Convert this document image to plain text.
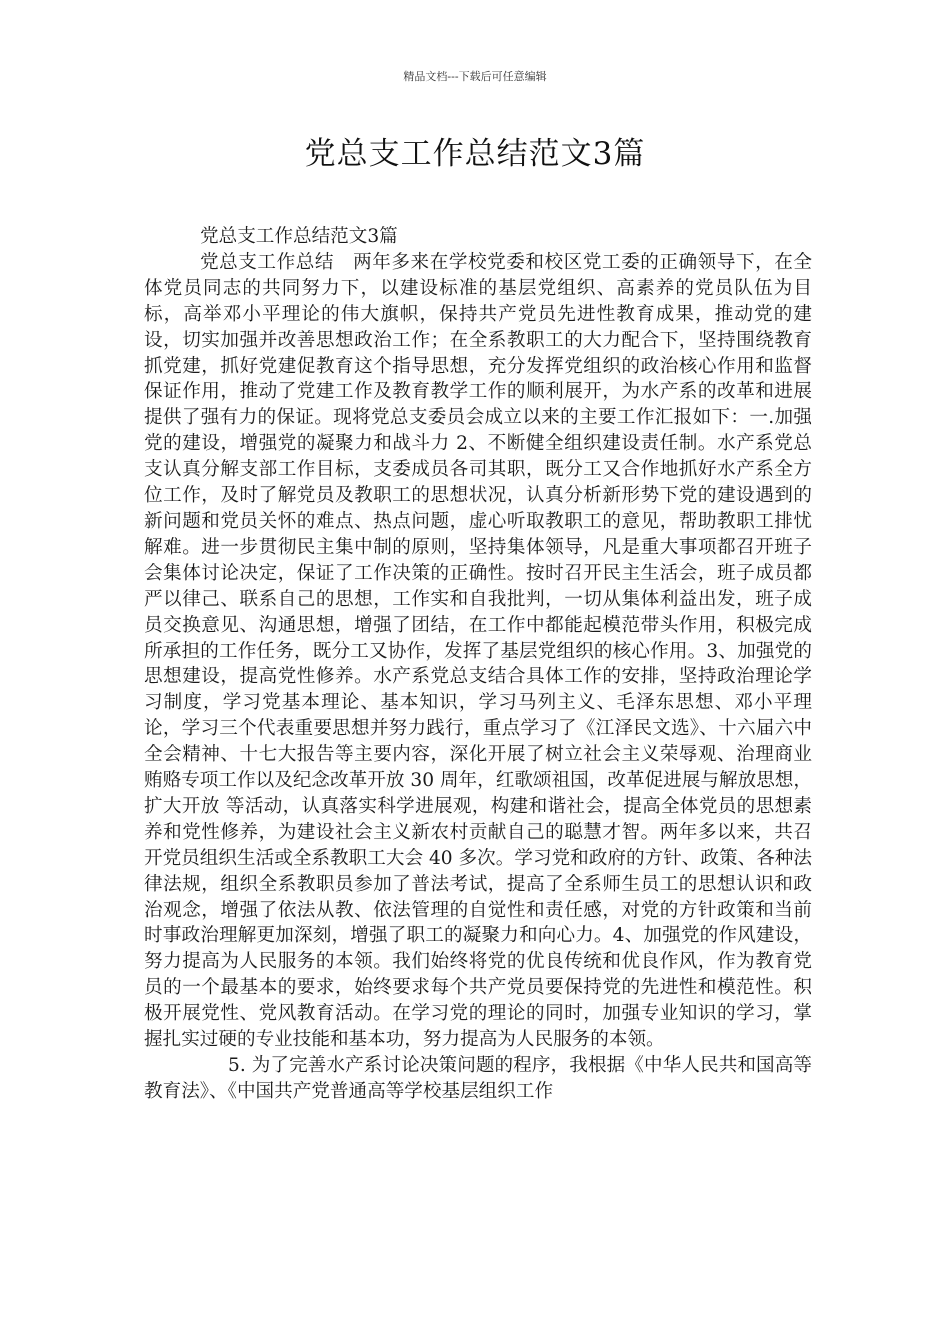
精品文档---下载后可任意编辑
党总支工作总结范文3篇

党总支工作总结范文3篇

党总支工作总结　两年多来在学校党委和校区党工委的正确领导下，在全体党员同志的共同努力下，以建设标准的基层党组织、高素养的党员队伍为目标，高举邓小平理论的伟大旗帜，保持共产党员先进性教育成果，推动党的建设，切实加强并改善思想政治工作；在全系教职工的大力配合下，坚持围绕教育抓党建，抓好党建促教育这个指导思想，充分发挥党组织的政治核心作用和监督保证作用，推动了党建工作及教育教学工作的顺利展开，为水产系的改革和进展提供了强有力的保证。现将党总支委员会成立以来的主要工作汇报如下：一.加强党的建设，增强党的凝聚力和战斗力 2、不断健全组织建设责任制。水产系党总支认真分解支部工作目标，支委成员各司其职，既分工又合作地抓好水产系全方位工作，及时了解党员及教职工的思想状况，认真分析新形势下党的建设遇到的新问题和党员关怀的难点、热点问题，虚心听取教职工的意见，帮助教职工排忧解难。进一步贯彻民主集中制的原则，坚持集体领导，凡是重大事项都召开班子会集体讨论决定，保证了工作决策的正确性。按时召开民主生活会，班子成员都严以律己、联系自己的思想，工作实和自我批判，一切从集体利益出发，班子成员交换意见、沟通思想，增强了团结，在工作中都能起模范带头作用，积极完成所承担的工作任务，既分工又协作，发挥了基层党组织的核心作用。3、加强党的思想建设，提高党性修养。水产系党总支结合具体工作的安排，坚持政治理论学习制度，学习党基本理论、基本知识，学习马列主义、毛泽东思想、邓小平理论，学习三个代表重要思想并努力践行，重点学习了《江泽民文选》、十六届六中全会精神、十七大报告等主要内容，深化开展了树立社会主义荣辱观、治理商业贿赂专项工作以及纪念改革开放 30 周年，红歌颂祖国，改革促进展与解放思想，扩大开放 等活动，认真落实科学进展观，构建和谐社会，提高全体党员的思想素养和党性修养，为建设社会主义新农村贡献自己的聪慧才智。两年多以来，共召开党员组织生活或全系教职工大会 40 多次。学习党和政府的方针、政策、各种法律法规，组织全系教职员参加了普法考试，提高了全系师生员工的思想认识和政治观念，增强了依法从教、依法管理的自觉性和责任感，对党的方针政策和当前时事政治理解更加深刻，增强了职工的凝聚力和向心力。4、加强党的作风建设，努力提高为人民服务的本领。我们始终将党的优良传统和优良作风，作为教育党员的一个最基本的要求，始终要求每个共产党员要保持党的先进性和模范性。积极开展党性、党风教育活动。在学习党的理论的同时，加强专业知识的学习，掌握扎实过硬的专业技能和基本功，努力提高为人民服务的本领。

5. 为了完善水产系讨论决策问题的程序，我根据《中华人民共和国高等教育法》、《中国共产党普通高等学校基层组织工作
